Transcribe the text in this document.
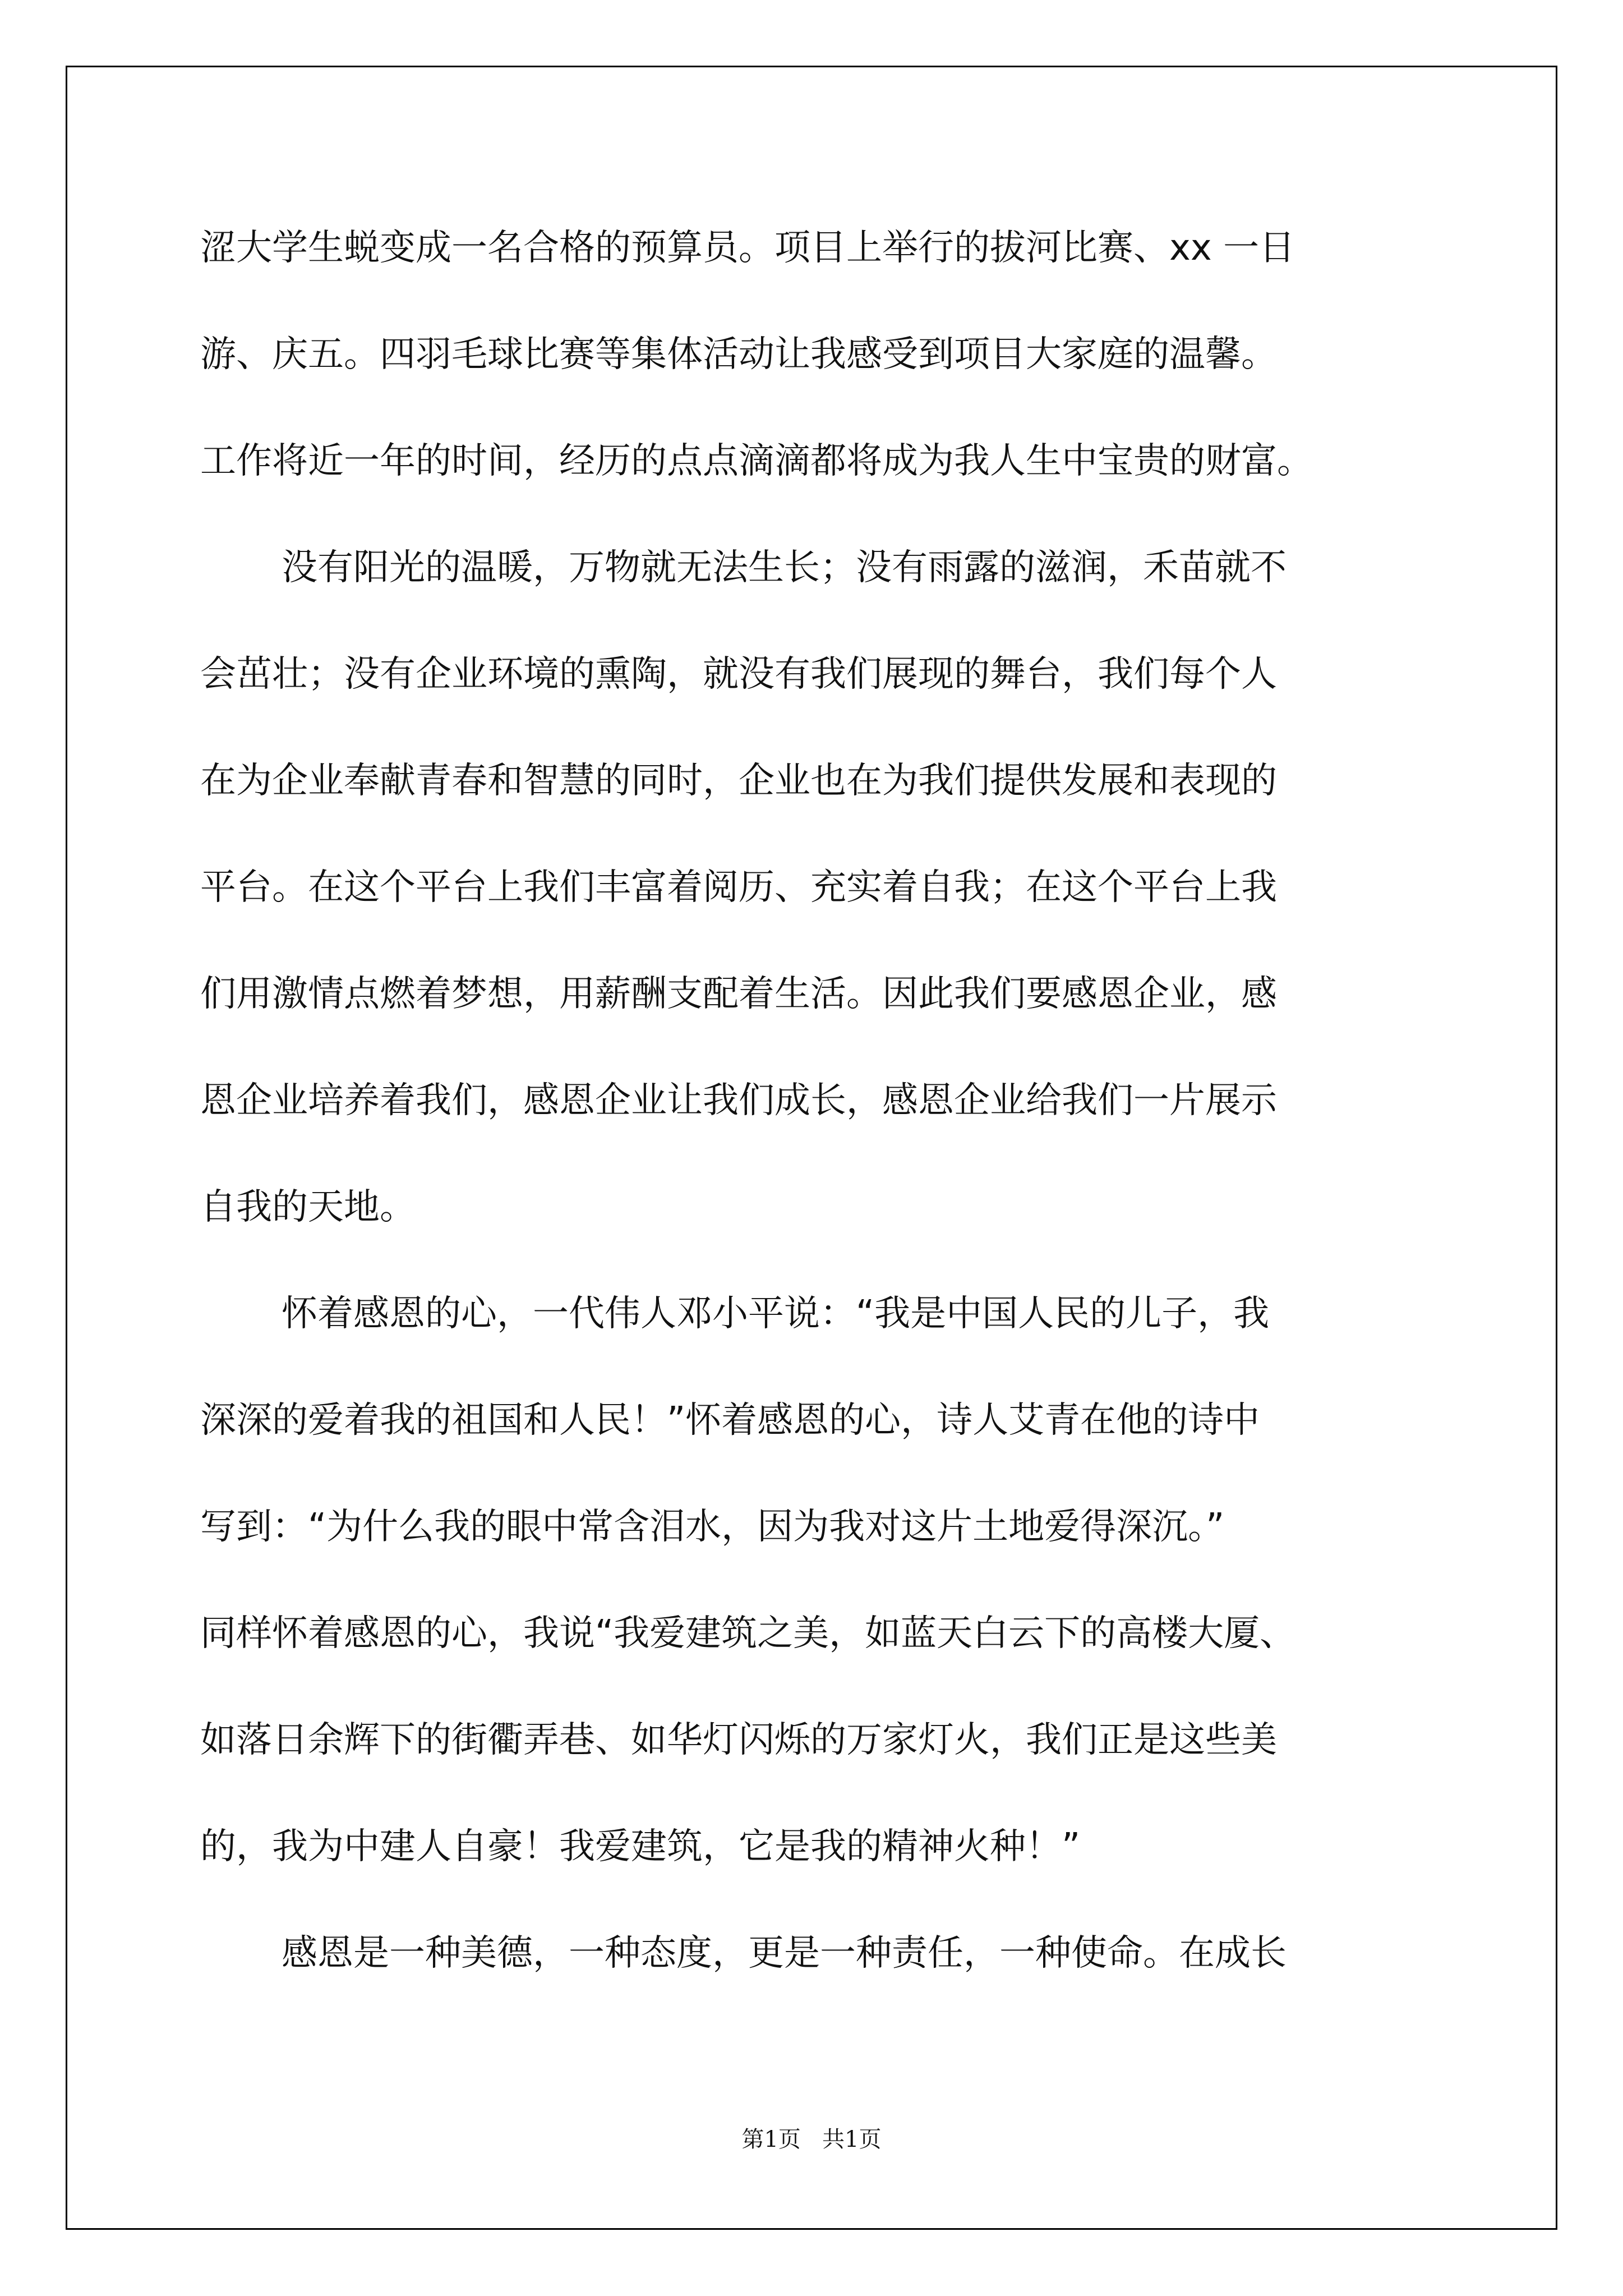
涩大学生蜕变成一名合格的预算员。项目上举行的拔河比赛、xx 一日
游、庆五。四羽毛球比赛等集体活动让我感受到项目大家庭的温馨。
工作将近一年的时间，经历的点点滴滴都将成为我人生中宝贵的财富。
没有阳光的温暖，万物就无法生长；没有雨露的滋润，禾苗就不
会茁壮；没有企业环境的熏陶，就没有我们展现的舞台，我们每个人
在为企业奉献青春和智慧的同时，企业也在为我们提供发展和表现的
平台。在这个平台上我们丰富着阅历、充实着自我；在这个平台上我
们用激情点燃着梦想，用薪酬支配着生活。因此我们要感恩企业，感
恩企业培养着我们，感恩企业让我们成长，感恩企业给我们一片展示
自我的天地。
怀着感恩的心，一代伟人邓小平说：“我是中国人民的儿子，我
深深的爱着我的祖国和人民！”怀着感恩的心，诗人艾青在他的诗中
写到：“为什么我的眼中常含泪水，因为我对这片土地爱得深沉。”
同样怀着感恩的心，我说“我爱建筑之美，如蓝天白云下的高楼大厦、
如落日余辉下的街衢弄巷、如华灯闪烁的万家灯火，我们正是这些美
的，我为中建人自豪！我爱建筑，它是我的精神火种！”
感恩是一种美德，一种态度，更是一种责任，一种使命。在成长
第1页   共1页
